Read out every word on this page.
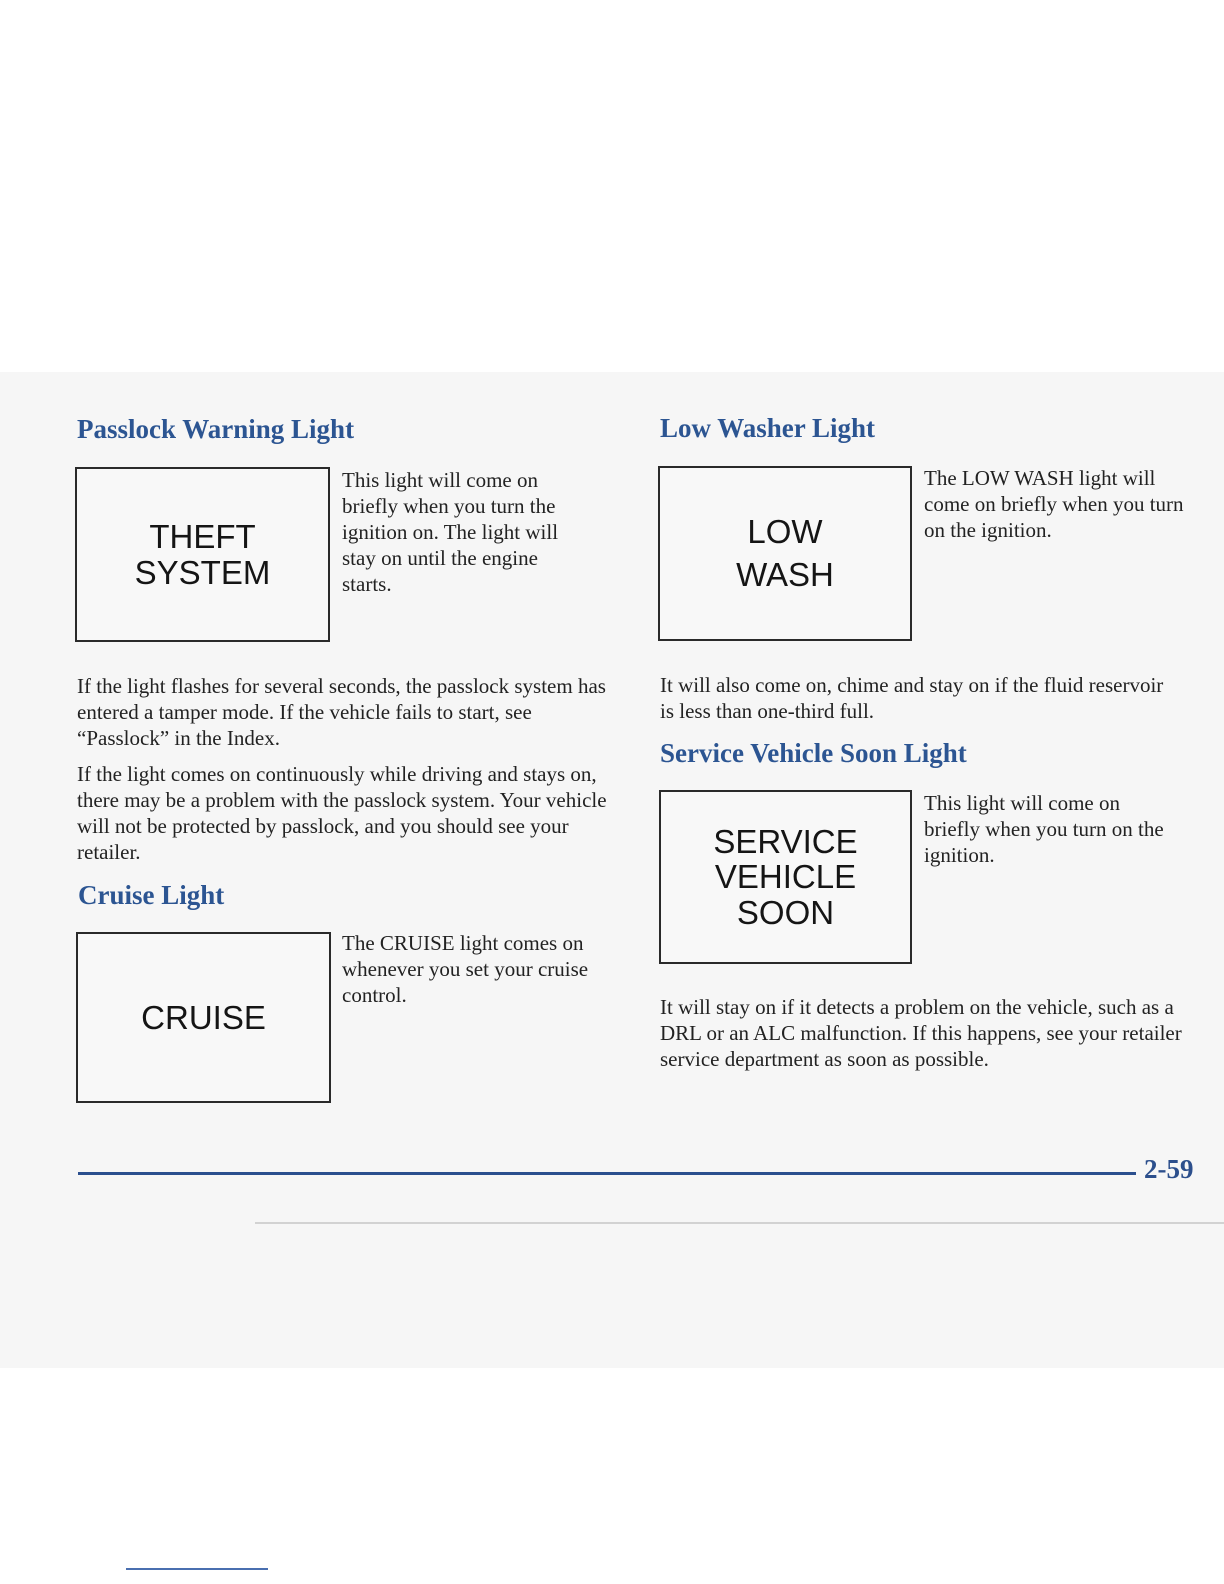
Passlock Warning Light
THEFT
SYSTEM

This light will come on briefly when you turn the ignition on. The light will stay on until the engine starts.

If the light flashes for several seconds, the passlock system has entered a tamper mode. If the vehicle fails to start, see “Passlock” in the Index.

If the light comes on continuously while driving and stays on, there may be a problem with the passlock system. Your vehicle will not be protected by passlock, and you should see your retailer.

Cruise Light
CRUISE

The CRUISE light comes on whenever you set your cruise control.

Low Washer Light
LOW
WASH

The LOW WASH light will come on briefly when you turn on the ignition.

It will also come on, chime and stay on if the fluid reservoir is less than one-third full.

Service Vehicle Soon Light
SERVICE
VEHICLE
SOON

This light will come on briefly when you turn on the ignition.

It will stay on if it detects a problem on the vehicle, such as a DRL or an ALC malfunction. If this happens, see your retailer service department as soon as possible.

2-59
